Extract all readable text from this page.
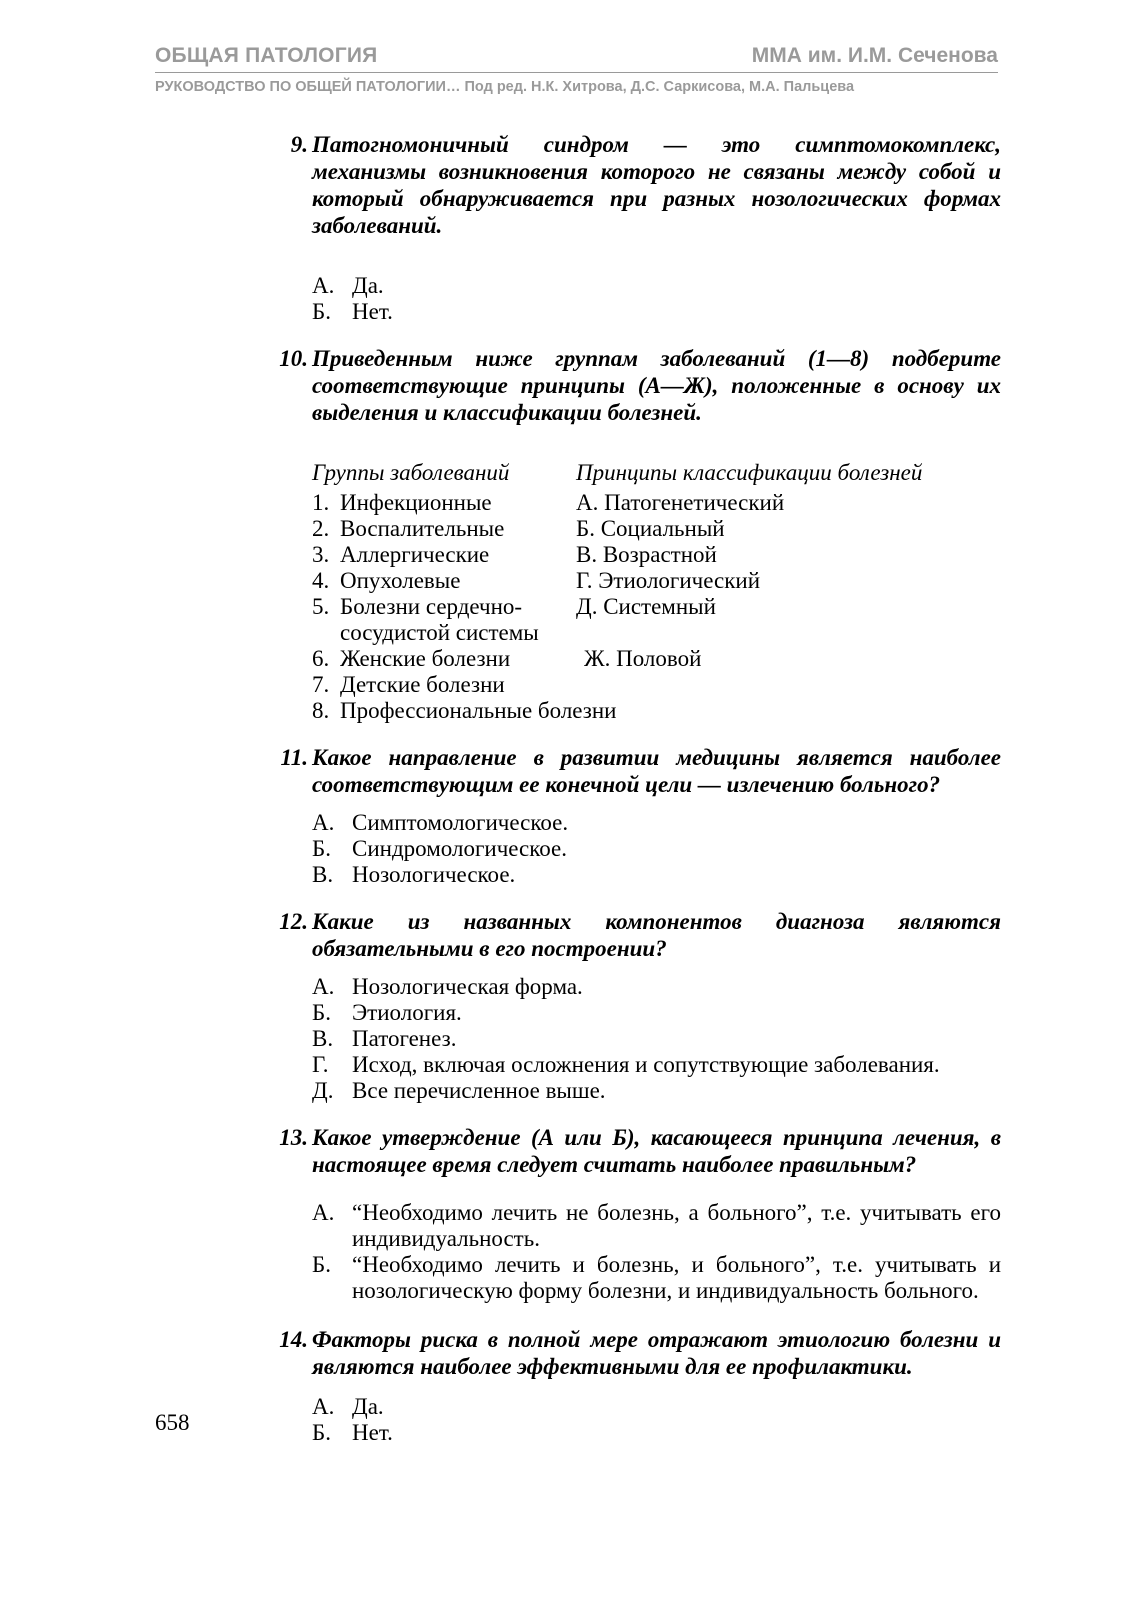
ОБЩАЯ ПАТОЛОГИЯ	ММА им. И.М. Сеченова
РУКОВОДСТВО ПО ОБЩЕЙ ПАТОЛОГИИ… Под ред. Н.К. Хитрова, Д.С. Саркисова, М.А. Пальцева
9. Патогномоничный синдром — это симптомокомплекс, механизмы возникновения которого не связаны между собой и который обнаруживается при разных нозологических формах заболеваний.
А. Да.
Б. Нет.
10. Приведенным ниже группам заболеваний (1—8) подберите соответствующие принципы (А—Ж), положенные в основу их выделения и классификации болезней.
Группы заболеваний	Принципы классификации болезней
1. Инфекционные	А. Патогенетический
2. Воспалительные	Б. Социальный
3. Аллергические	В. Возрастной
4. Опухолевые	Г. Этиологический
5. Болезни сердечно-	Д. Системный
сосудистой системы
6. Женские болезни	Ж. Половой
7. Детские болезни
8. Профессиональные болезни
11. Какое направление в развитии медицины является наиболее соответствующим ее конечной цели — излечению больного?
А. Симптомологическое.
Б. Синдромологическое.
В. Нозологическое.
12. Какие из названных компонентов диагноза являются обязательными в его построении?
А. Нозологическая форма.
Б. Этиология.
В. Патогенез.
Г. Исход, включая осложнения и сопутствующие заболевания.
Д. Все перечисленное выше.
13. Какое утверждение (А или Б), касающееся принципа лечения, в настоящее время следует считать наиболее правильным?
А. “Необходимо лечить не болезнь, а больного”, т.е. учитывать его индивидуальность.
Б. “Необходимо лечить и болезнь, и больного”, т.е. учитывать и нозологическую форму болезни, и индивидуальность больного.
14. Факторы риска в полной мере отражают этиологию болезни и являются наиболее эффективными для ее профилактики.
А. Да.
Б. Нет.
658
